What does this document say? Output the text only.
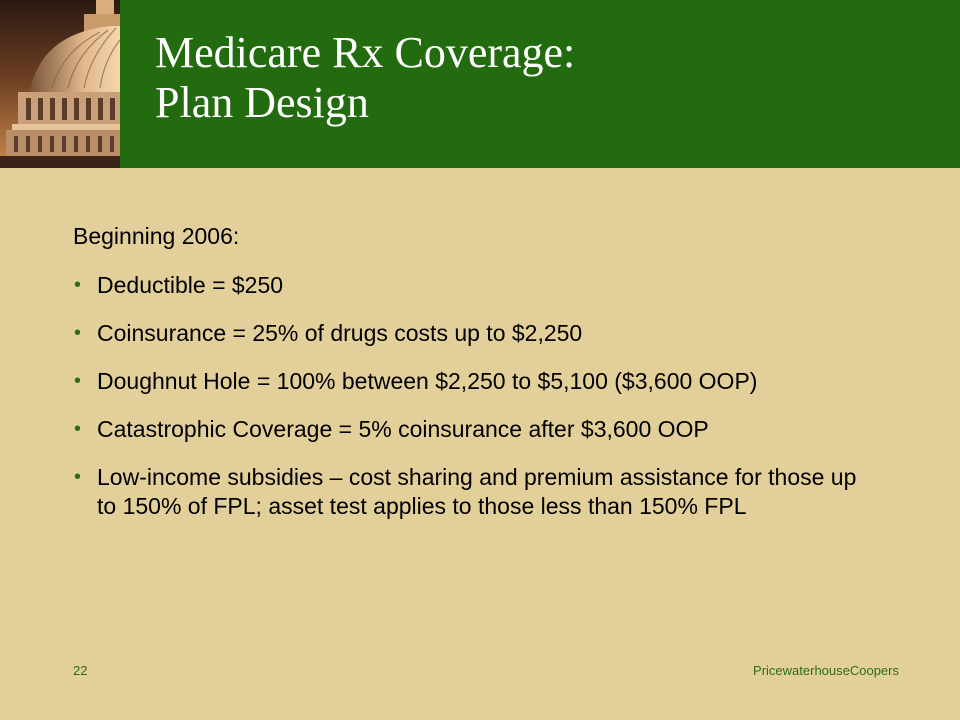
Medicare Rx Coverage:
Plan Design

Beginning 2006:

• Deductible = $250
• Coinsurance = 25% of drugs costs up to $2,250
• Doughnut Hole = 100% between $2,250 to $5,100 ($3,600 OOP)
• Catastrophic Coverage = 5% coinsurance after $3,600 OOP
• Low-income subsidies – cost sharing and premium assistance for those up to 150% of FPL; asset test applies to those less than 150% FPL
22	PricewaterhouseCoopers
